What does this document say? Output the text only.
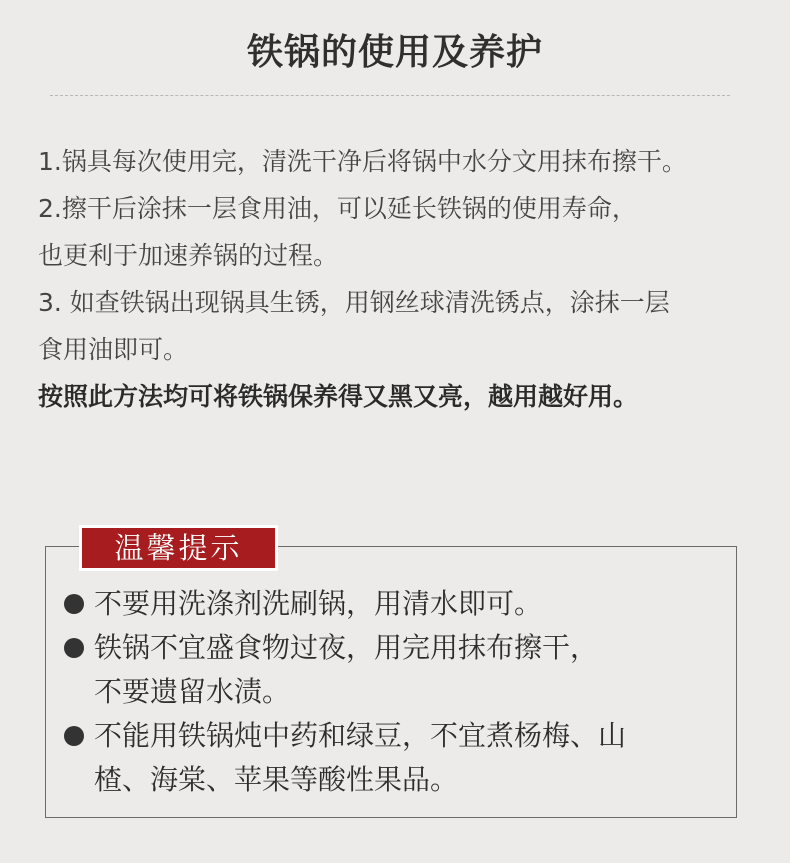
铁锅的使用及养护
1.锅具每次使用完，清洗干净后将锅中水分文用抹布擦干。
2.擦干后涂抹一层食用油，可以延长铁锅的使用寿命，
也更利于加速养锅的过程。
3. 如查铁锅出现锅具生锈，用钢丝球清洗锈点，涂抹一层
食用油即可。
按照此方法均可将铁锅保养得又黑又亮，越用越好用。
温馨提示
不要用洗涤剂洗刷锅，用清水即可。
铁锅不宜盛食物过夜，用完用抹布擦干，
不要遗留水渍。
不能用铁锅炖中药和绿豆，不宜煮杨梅、山
楂、海棠、苹果等酸性果品。
